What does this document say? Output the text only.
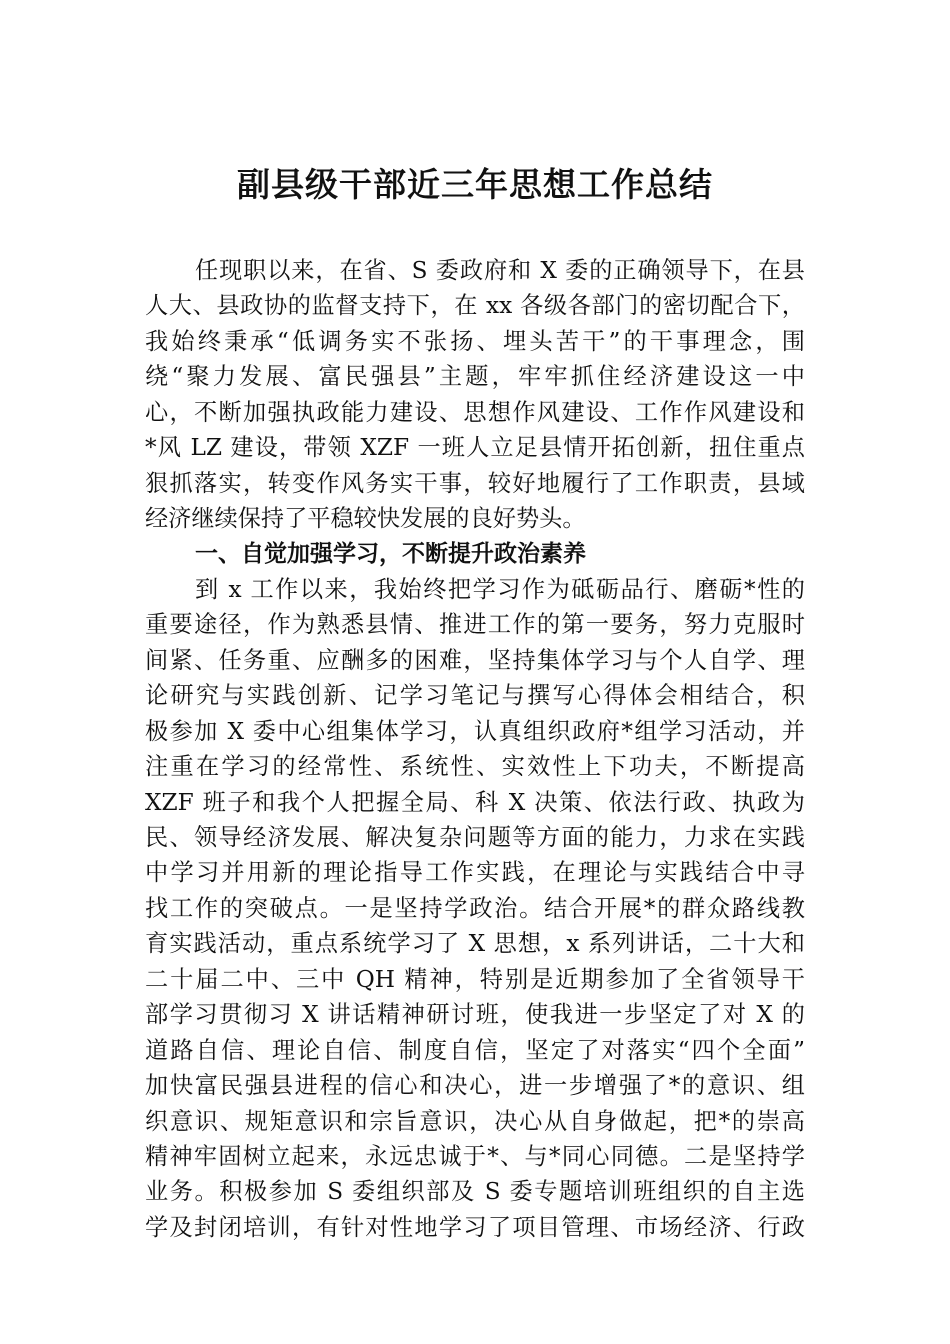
副县级干部近三年思想工作总结
任现职以来，在省、S 委政府和 X 委的正确领导下，在县
人大、县政协的监督支持下，在 xx 各级各部门的密切配合下，
我始终秉承“低调务实不张扬、埋头苦干”的干事理念，围
绕“聚力发展、富民强县”主题，牢牢抓住经济建设这一中
心，不断加强执政能力建设、思想作风建设、工作作风建设和
*风 LZ 建设，带领 XZF 一班人立足县情开拓创新，扭住重点
狠抓落实，转变作风务实干事，较好地履行了工作职责，县域
经济继续保持了平稳较快发展的良好势头。
一、自觉加强学习，不断提升政治素养
到 x 工作以来，我始终把学习作为砥砺品行、磨砺*性的
重要途径，作为熟悉县情、推进工作的第一要务，努力克服时
间紧、任务重、应酬多的困难，坚持集体学习与个人自学、理
论研究与实践创新、记学习笔记与撰写心得体会相结合，积
极参加 X 委中心组集体学习，认真组织政府*组学习活动，并
注重在学习的经常性、系统性、实效性上下功夫，不断提高
XZF 班子和我个人把握全局、科 X 决策、依法行政、执政为
民、领导经济发展、解决复杂问题等方面的能力，力求在实践
中学习并用新的理论指导工作实践，在理论与实践结合中寻
找工作的突破点。一是坚持学政治。结合开展*的群众路线教
育实践活动，重点系统学习了 X 思想，x 系列讲话，二十大和
二十届二中、三中 QH 精神，特别是近期参加了全省领导干
部学习贯彻习 X 讲话精神研讨班，使我进一步坚定了对 X 的
道路自信、理论自信、制度自信，坚定了对落实“四个全面”
加快富民强县进程的信心和决心，进一步增强了*的意识、组
织意识、规矩意识和宗旨意识，决心从自身做起，把*的崇高
精神牢固树立起来，永远忠诚于*、与*同心同德。二是坚持学
业务。积极参加 S 委组织部及 S 委专题培训班组织的自主选
学及封闭培训，有针对性地学习了项目管理、市场经济、行政
